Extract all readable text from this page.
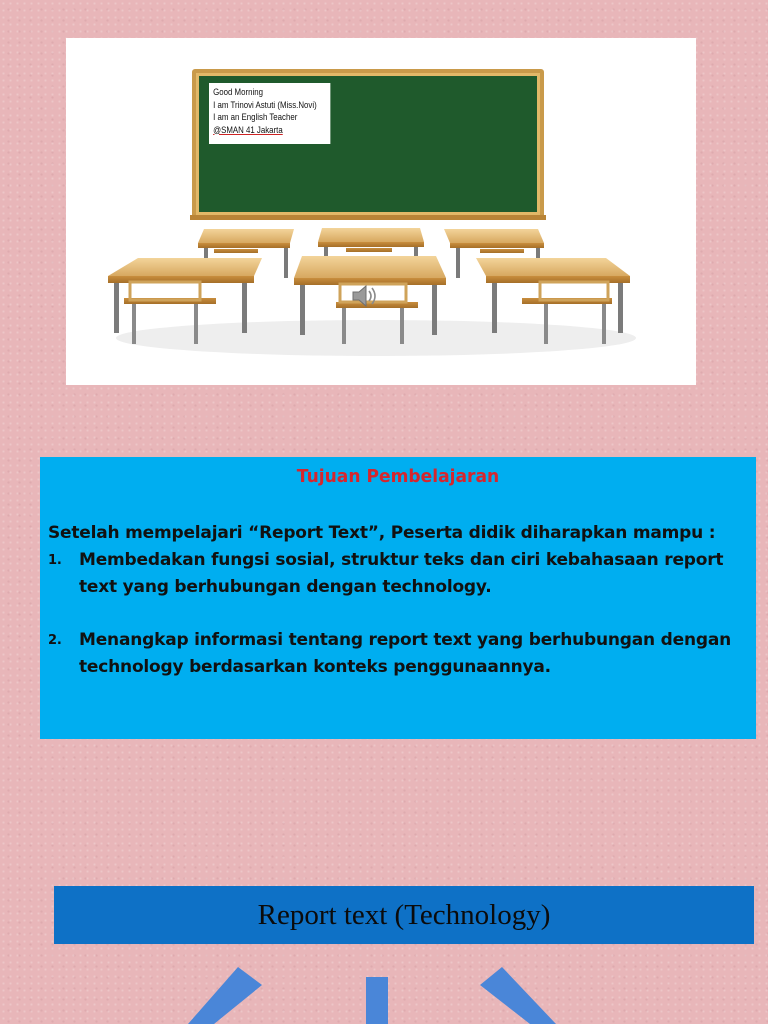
Good Morning
I am Trinovi Astuti (Miss.Novi)
I am an English Teacher
@SMAN 41 Jakarta
Tujuan Pembelajaran
Setelah mempelajari “Report Text”, Peserta didik diharapkan mampu :
1. Membedakan fungsi sosial, struktur teks dan ciri kebahasaan report text yang berhubungan dengan technology.
2. Menangkap informasi tentang report text yang berhubungan dengan technology berdasarkan konteks penggunaannya.
Report text (Technology)
